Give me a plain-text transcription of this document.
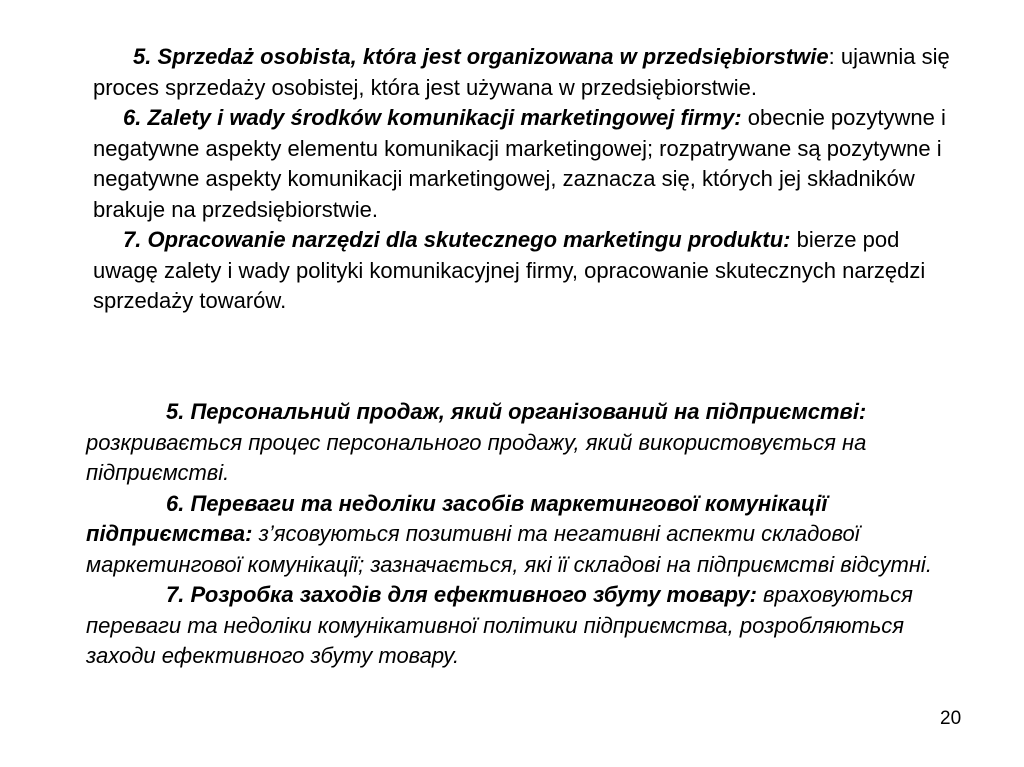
5. Sprzedaż osobista, która jest organizowana w przedsiębiorstwie: ujawnia się proces sprzedaży osobistej, która jest używana w przedsiębiorstwie.

6. Zalety i wady środków komunikacji marketingowej firmy: obecnie pozytywne i negatywne aspekty elementu komunikacji marketingowej; rozpatrywane są pozytywne i negatywne aspekty komunikacji marketingowej, zaznacza się, których jej składników brakuje na przedsiębiorstwie.

7. Opracowanie narzędzi dla skutecznego marketingu produktu: bierze pod uwagę zalety i wady polityki komunikacyjnej firmy, opracowanie skutecznych narzędzi sprzedaży towarów.

5. Персональний продаж, який організований на підприємстві: розкривається процес персонального продажу, який використовується на підприємстві.

6. Переваги та недоліки засобів маркетингової комунікації підприємства: з’ясовуються позитивні та негативні аспекти складової маркетингової комунікації; зазначається, які її складові на підприємстві відсутні.

7. Розробка заходів для ефективного збуту товару: враховуються переваги та недоліки комунікативної політики підприємства, розробляються заходи ефективного збуту товару.

20
